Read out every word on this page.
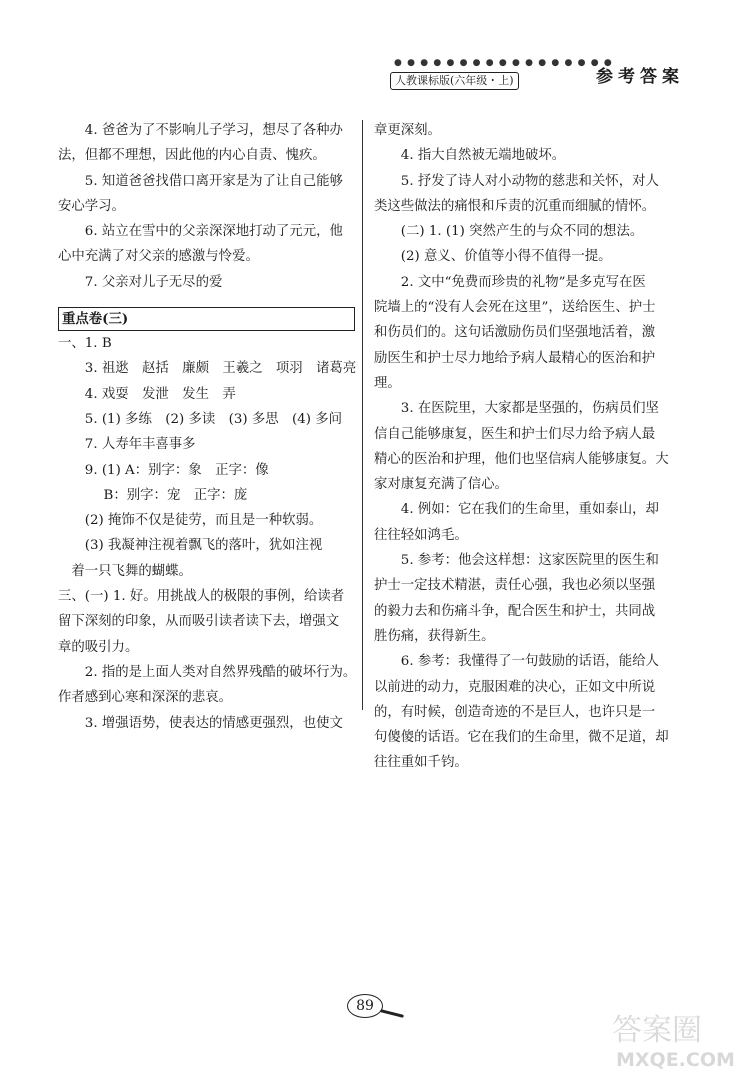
● ● ● ● ● ● ● ● ● ● ● ● ● ● ● ● ●
人教课标版(六年级・上)	参考答案

4. 爸爸为了不影响儿子学习，想尽了各种办

法，但都不理想，因此他的内心自责、愧疚。

5. 知道爸爸找借口离开家是为了让自己能够

安心学习。

6. 站立在雪中的父亲深深地打动了元元，他

心中充满了对父亲的感激与怜爱。

7. 父亲对儿子无尽的爱

重点卷(三)

一、1. B

3. 祖逖　赵括　廉颇　王羲之　项羽　诸葛亮

4. 戏耍　发泄　发生　弄

5. (1) 多练　(2) 多读　(3) 多思　(4) 多问

7. 人寿年丰喜事多

9. (1) A：别字：象　正字：像

B：别字：宠　正字：庞

(2) 掩饰不仅是徒劳，而且是一种软弱。

(3) 我凝神注视着飘飞的落叶，犹如注视

着一只飞舞的蝴蝶。

三、(一) 1. 好。用挑战人的极限的事例，给读者

留下深刻的印象，从而吸引读者读下去，增强文

章的吸引力。

2. 指的是上面人类对自然界残酷的破坏行为。

作者感到心寒和深深的悲哀。

3. 增强语势，使表达的情感更强烈，也使文

章更深刻。

4. 指大自然被无端地破坏。

5. 抒发了诗人对小动物的慈悲和关怀，对人

类这些做法的痛恨和斥责的沉重而细腻的情怀。

(二) 1. (1) 突然产生的与众不同的想法。

(2) 意义、价值等小得不值得一提。

2. 文中“免费而珍贵的礼物”是多克写在医

院墙上的“没有人会死在这里”，送给医生、护士

和伤员们的。这句话激励伤员们坚强地活着，激

励医生和护士尽力地给予病人最精心的医治和护

理。

3. 在医院里，大家都是坚强的，伤病员们坚

信自己能够康复，医生和护士们尽力给予病人最

精心的医治和护理，他们也坚信病人能够康复。大

家对康复充满了信心。

4. 例如：它在我们的生命里，重如泰山，却

往往轻如鸿毛。

5. 参考：他会这样想：这家医院里的医生和

护士一定技术精湛，责任心强，我也必须以坚强

的毅力去和伤痛斗争，配合医生和护士，共同战

胜伤痛，获得新生。

6. 参考：我懂得了一句鼓励的话语，能给人

以前进的动力，克服困难的决心，正如文中所说

的，有时候，创造奇迹的不是巨人，也许只是一

句傻傻的话语。它在我们的生命里，微不足道，却

往往重如千钧。

89
答案圈
MXQE.COM
